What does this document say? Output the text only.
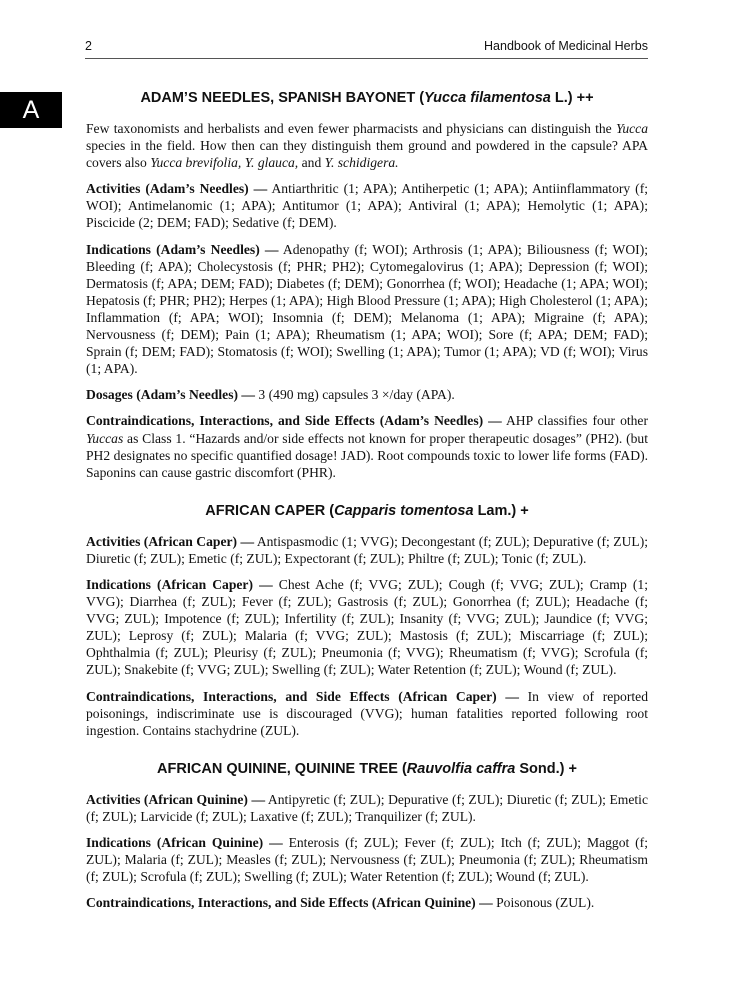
2	Handbook of Medicinal Herbs
A	ADAM’S NEEDLES, SPANISH BAYONET (Yucca filamentosa L.) ++

Few taxonomists and herbalists and even fewer pharmacists and physicians can distinguish the Yucca species in the field. How then can they distinguish them ground and powdered in the capsule? APA covers also Yucca brevifolia, Y. glauca, and Y. schidigera.

Activities (Adam’s Needles) — Antiarthritic (1; APA); Antiherpetic (1; APA); Antiinflammatory (f; WOI); Antimelanomic (1; APA); Antitumor (1; APA); Antiviral (1; APA); Hemolytic (1; APA); Piscicide (2; DEM; FAD); Sedative (f; DEM).

Indications (Adam’s Needles) — Adenopathy (f; WOI); Arthrosis (1; APA); Biliousness (f; WOI); Bleeding (f; APA); Cholecystosis (f; PHR; PH2); Cytomegalovirus (1; APA); Depression (f; WOI); Dermatosis (f; APA; DEM; FAD); Diabetes (f; DEM); Gonorrhea (f; WOI); Headache (1; APA; WOI); Hepatosis (f; PHR; PH2); Herpes (1; APA); High Blood Pressure (1; APA); High Cholesterol (1; APA); Inflammation (f; APA; WOI); Insomnia (f; DEM); Melanoma (1; APA); Migraine (f; APA); Nervousness (f; DEM); Pain (1; APA); Rheumatism (1; APA; WOI); Sore (f; APA; DEM; FAD); Sprain (f; DEM; FAD); Stomatosis (f; WOI); Swelling (1; APA); Tumor (1; APA); VD (f; WOI); Virus (1; APA).

Dosages (Adam’s Needles) — 3 (490 mg) capsules 3 ×/day (APA).

Contraindications, Interactions, and Side Effects (Adam’s Needles) — AHP classifies four other Yuccas as Class 1. “Hazards and/or side effects not known for proper therapeutic dosages” (PH2). (but PH2 designates no specific quantified dosage! JAD). Root compounds toxic to lower life forms (FAD). Saponins can cause gastric discomfort (PHR).

AFRICAN CAPER (Capparis tomentosa Lam.) +

Activities (African Caper) — Antispasmodic (1; VVG); Decongestant (f; ZUL); Depurative (f; ZUL); Diuretic (f; ZUL); Emetic (f; ZUL); Expectorant (f; ZUL); Philtre (f; ZUL); Tonic (f; ZUL).

Indications (African Caper) — Chest Ache (f; VVG; ZUL); Cough (f; VVG; ZUL); Cramp (1; VVG); Diarrhea (f; ZUL); Fever (f; ZUL); Gastrosis (f; ZUL); Gonorrhea (f; ZUL); Headache (f; VVG; ZUL); Impotence (f; ZUL); Infertility (f; ZUL); Insanity (f; VVG; ZUL); Jaundice (f; VVG; ZUL); Leprosy (f; ZUL); Malaria (f; VVG; ZUL); Mastosis (f; ZUL); Miscarriage (f; ZUL); Ophthalmia (f; ZUL); Pleurisy (f; ZUL); Pneumonia (f; VVG); Rheumatism (f; VVG); Scrofula (f; ZUL); Snakebite (f; VVG; ZUL); Swelling (f; ZUL); Water Retention (f; ZUL); Wound (f; ZUL).

Contraindications, Interactions, and Side Effects (African Caper) — In view of reported poisonings, indiscriminate use is discouraged (VVG); human fatalities reported following root ingestion. Contains stachydrine (ZUL).

AFRICAN QUININE, QUININE TREE (Rauvolfia caffra Sond.) +

Activities (African Quinine) — Antipyretic (f; ZUL); Depurative (f; ZUL); Diuretic (f; ZUL); Emetic (f; ZUL); Larvicide (f; ZUL); Laxative (f; ZUL); Tranquilizer (f; ZUL).

Indications (African Quinine) — Enterosis (f; ZUL); Fever (f; ZUL); Itch (f; ZUL); Maggot (f; ZUL); Malaria (f; ZUL); Measles (f; ZUL); Nervousness (f; ZUL); Pneumonia (f; ZUL); Rheumatism (f; ZUL); Scrofula (f; ZUL); Swelling (f; ZUL); Water Retention (f; ZUL); Wound (f; ZUL).

Contraindications, Interactions, and Side Effects (African Quinine) — Poisonous (ZUL).
